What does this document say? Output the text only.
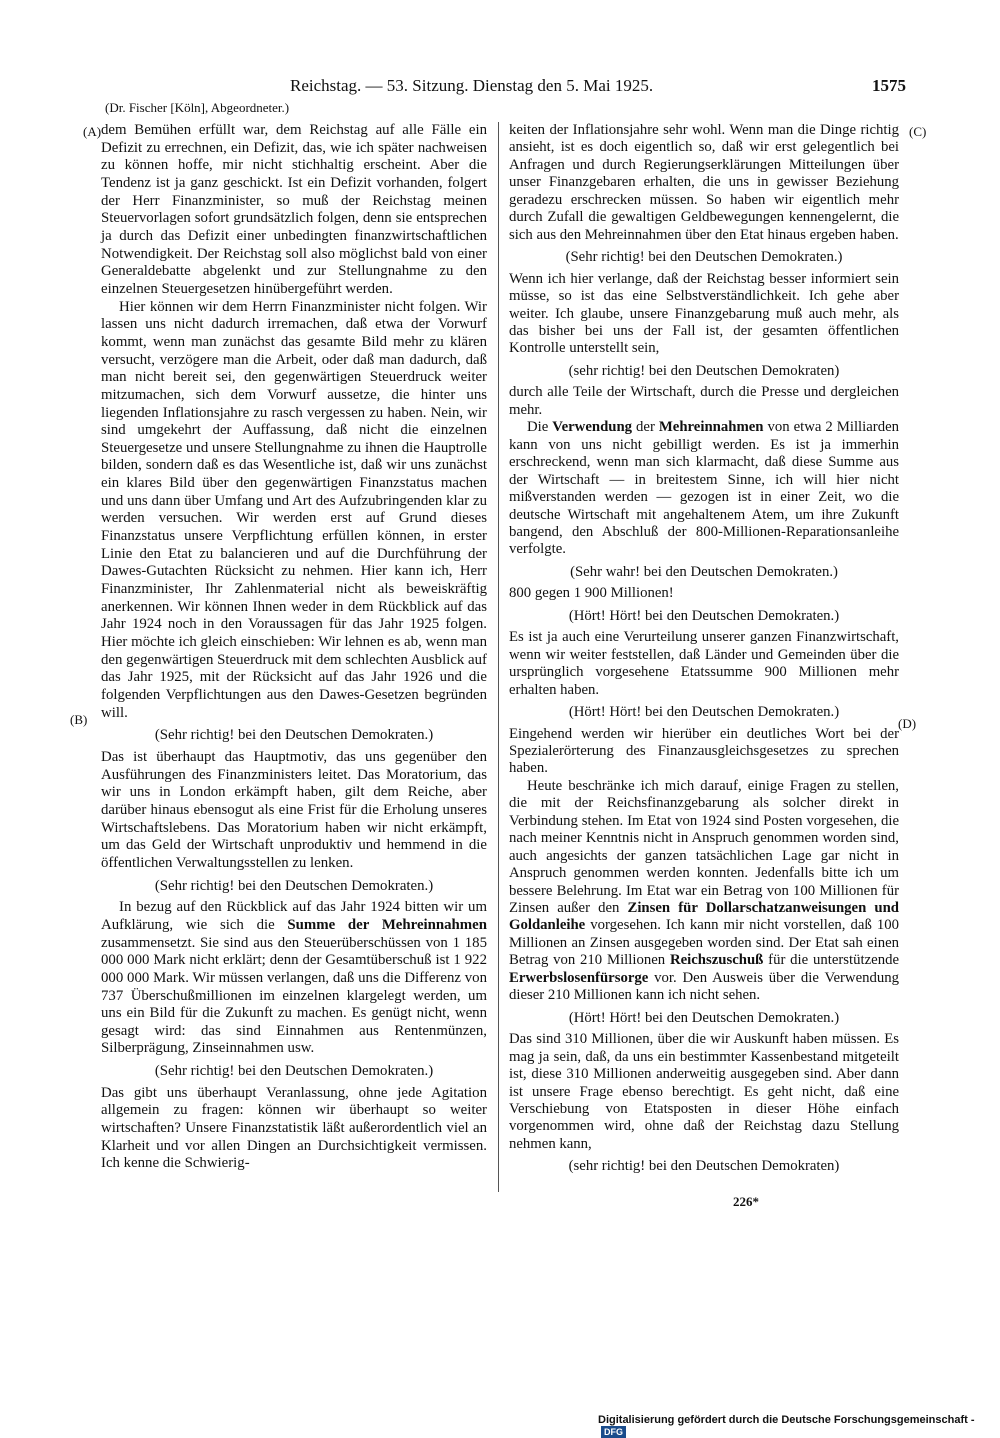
Reichstag. — 53. Sitzung. Dienstag den 5. Mai 1925.	1575
(Dr. Fischer [Köln], Abgeordneter.)
(A)
(B)
(C)
(D)

dem Bemühen erfüllt war, dem Reichstag auf alle Fälle ein Defizit zu errechnen, ein Defizit, das, wie ich später nachweisen zu können hoffe, mir nicht stichhaltig erscheint. Aber die Tendenz ist ja ganz geschickt. Ist ein Defizit vorhanden, folgert der Herr Finanzminister, so muß der Reichstag meinen Steuervorlagen sofort grundsätzlich folgen, denn sie entsprechen ja durch das Defizit einer unbedingten finanzwirtschaftlichen Notwendigkeit. Der Reichstag soll also möglichst bald von einer Generaldebatte abgelenkt und zur Stellungnahme zu den einzelnen Steuergesetzen hinübergeführt werden.

Hier können wir dem Herrn Finanzminister nicht folgen. Wir lassen uns nicht dadurch irremachen, daß etwa der Vorwurf kommt, wenn man zunächst das gesamte Bild mehr zu klären versucht, verzögere man die Arbeit, oder daß man dadurch, daß man nicht bereit sei, den gegenwärtigen Steuerdruck weiter mitzumachen, sich dem Vorwurf aussetze, die hinter uns liegenden Inflationsjahre zu rasch vergessen zu haben. Nein, wir sind umgekehrt der Auffassung, daß nicht die einzelnen Steuergesetze und unsere Stellungnahme zu ihnen die Hauptrolle bilden, sondern daß es das Wesentliche ist, daß wir uns zunächst ein klares Bild über den gegenwärtigen Finanzstatus machen und uns dann über Umfang und Art des Aufzubringenden klar zu werden versuchen. Wir werden erst auf Grund dieses Finanzstatus unsere Verpflichtung erfüllen können, in erster Linie den Etat zu balancieren und auf die Durchführung der Dawes-Gutachten Rücksicht zu nehmen. Hier kann ich, Herr Finanzminister, Ihr Zahlenmaterial nicht als beweiskräftig anerkennen. Wir können Ihnen weder in dem Rückblick auf das Jahr 1924 noch in den Voraussagen für das Jahr 1925 folgen. Hier möchte ich gleich einschieben: Wir lehnen es ab, wenn man den gegenwärtigen Steuerdruck mit dem schlechten Ausblick auf das Jahr 1925, mit der Rücksicht auf das Jahr 1926 und die folgenden Verpflichtungen aus den Dawes-Gesetzen begründen will.

(Sehr richtig! bei den Deutschen Demokraten.)

Das ist überhaupt das Hauptmotiv, das uns gegenüber den Ausführungen des Finanzministers leitet. Das Moratorium, das wir uns in London erkämpft haben, gilt dem Reiche, aber darüber hinaus ebensogut als eine Frist für die Erholung unseres Wirtschaftslebens. Das Moratorium haben wir nicht erkämpft, um das Geld der Wirtschaft unproduktiv und hemmend in die öffentlichen Verwaltungsstellen zu lenken.

(Sehr richtig! bei den Deutschen Demokraten.)

In bezug auf den Rückblick auf das Jahr 1924 bitten wir um Aufklärung, wie sich die Summe der Mehreinnahmen zusammensetzt. Sie sind aus den Steuerüberschüssen von 1 185 000 000 Mark nicht erklärt; denn der Gesamtüberschuß ist 1 922 000 000 Mark. Wir müssen verlangen, daß uns die Differenz von 737 Überschußmillionen im einzelnen klargelegt werden, um uns ein Bild für die Zukunft zu machen. Es genügt nicht, wenn gesagt wird: das sind Einnahmen aus Rentenmünzen, Silberprägung, Zinseinnahmen usw.

(Sehr richtig! bei den Deutschen Demokraten.)

Das gibt uns überhaupt Veranlassung, ohne jede Agitation allgemein zu fragen: können wir überhaupt so weiter wirtschaften? Unsere Finanzstatistik läßt außerordentlich viel an Klarheit und vor allen Dingen an Durchsichtigkeit vermissen. Ich kenne die Schwierig-

keiten der Inflationsjahre sehr wohl. Wenn man die Dinge richtig ansieht, ist es doch eigentlich so, daß wir erst gelegentlich bei Anfragen und durch Regierungserklärungen Mitteilungen über unser Finanzgebaren erhalten, die uns in gewisser Beziehung geradezu erschrecken müssen. So haben wir eigentlich mehr durch Zufall die gewaltigen Geldbewegungen kennengelernt, die sich aus den Mehreinnahmen über den Etat hinaus ergeben haben.

(Sehr richtig! bei den Deutschen Demokraten.)

Wenn ich hier verlange, daß der Reichstag besser informiert sein müsse, so ist das eine Selbstverständlichkeit. Ich gehe aber weiter. Ich glaube, unsere Finanzgebarung muß auch mehr, als das bisher bei uns der Fall ist, der gesamten öffentlichen Kontrolle unterstellt sein,

(sehr richtig! bei den Deutschen Demokraten)

durch alle Teile der Wirtschaft, durch die Presse und dergleichen mehr.

Die Verwendung der Mehreinnahmen von etwa 2 Milliarden kann von uns nicht gebilligt werden. Es ist ja immerhin erschreckend, wenn man sich klarmacht, daß diese Summe aus der Wirtschaft — in breitestem Sinne, ich will hier nicht mißverstanden werden — gezogen ist in einer Zeit, wo die deutsche Wirtschaft mit angehaltenem Atem, um ihre Zukunft bangend, den Abschluß der 800-Millionen-Reparationsanleihe verfolgte.

(Sehr wahr! bei den Deutschen Demokraten.)

800 gegen 1 900 Millionen!

(Hört! Hört! bei den Deutschen Demokraten.)

Es ist ja auch eine Verurteilung unserer ganzen Finanzwirtschaft, wenn wir weiter feststellen, daß Länder und Gemeinden über die ursprünglich vorgesehene Etatssumme 900 Millionen mehr erhalten haben.

(Hört! Hört! bei den Deutschen Demokraten.)

Eingehend werden wir hierüber ein deutliches Wort bei der Spezialerörterung des Finanzausgleichsgesetzes zu sprechen haben.

Heute beschränke ich mich darauf, einige Fragen zu stellen, die mit der Reichsfinanzgebarung als solcher direkt in Verbindung stehen. Im Etat von 1924 sind Posten vorgesehen, die nach meiner Kenntnis nicht in Anspruch genommen worden sind, auch angesichts der ganzen tatsächlichen Lage gar nicht in Anspruch genommen werden konnten. Jedenfalls bitte ich um bessere Belehrung. Im Etat war ein Betrag von 100 Millionen für Zinsen außer den Zinsen für Dollarschatzanweisungen und Goldanleihe vorgesehen. Ich kann mir nicht vorstellen, daß 100 Millionen an Zinsen ausgegeben worden sind. Der Etat sah einen Betrag von 210 Millionen Reichszuschuß für die unterstützende Erwerbslosenfürsorge vor. Den Ausweis über die Verwendung dieser 210 Millionen kann ich nicht sehen.

(Hört! Hört! bei den Deutschen Demokraten.)

Das sind 310 Millionen, über die wir Auskunft haben müssen. Es mag ja sein, daß, da uns ein bestimmter Kassenbestand mitgeteilt ist, diese 310 Millionen anderweitig ausgegeben sind. Aber dann ist unsere Frage ebenso berechtigt. Es geht nicht, daß eine Verschiebung von Etatsposten in dieser Höhe einfach vorgenommen wird, ohne daß der Reichstag dazu Stellung nehmen kann,

(sehr richtig! bei den Deutschen Demokraten)

226*
Digitalisierung gefördert durch die Deutsche Forschungsgemeinschaft -DFG
